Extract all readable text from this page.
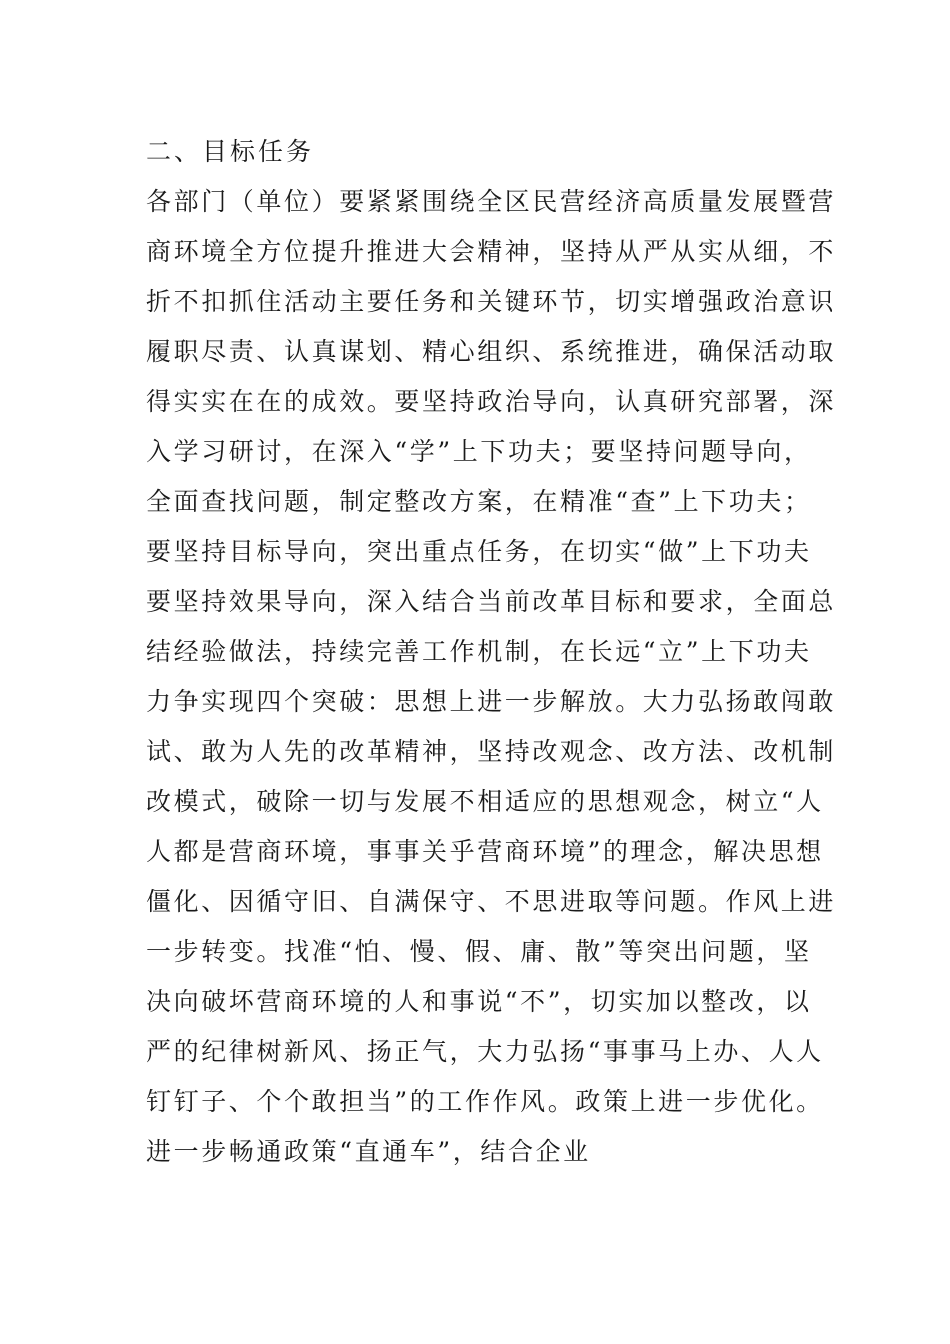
二、目标任务
各部门（单位）要紧紧围绕全区民营经济高质量发展暨营
商环境全方位提升推进大会精神，坚持从严从实从细，不
折不扣抓住活动主要任务和关键环节，切实增强政治意识
履职尽责、认真谋划、精心组织、系统推进，确保活动取
得实实在在的成效。要坚持政治导向，认真研究部署，深
入学习研讨，在深入“学”上下功夫；要坚持问题导向，
全面查找问题，制定整改方案，在精准“查”上下功夫；
要坚持目标导向，突出重点任务，在切实“做”上下功夫
要坚持效果导向，深入结合当前改革目标和要求，全面总
结经验做法，持续完善工作机制，在长远“立”上下功夫
力争实现四个突破：思想上进一步解放。大力弘扬敢闯敢
试、敢为人先的改革精神，坚持改观念、改方法、改机制
改模式，破除一切与发展不相适应的思想观念，树立“人
人都是营商环境，事事关乎营商环境”的理念，解决思想
僵化、因循守旧、自满保守、不思进取等问题。作风上进
一步转变。找准“怕、慢、假、庸、散”等突出问题，坚
决向破坏营商环境的人和事说“不”，切实加以整改，以
严的纪律树新风、扬正气，大力弘扬“事事马上办、人人
钉钉子、个个敢担当”的工作作风。政策上进一步优化。
进一步畅通政策“直通车”，结合企业
